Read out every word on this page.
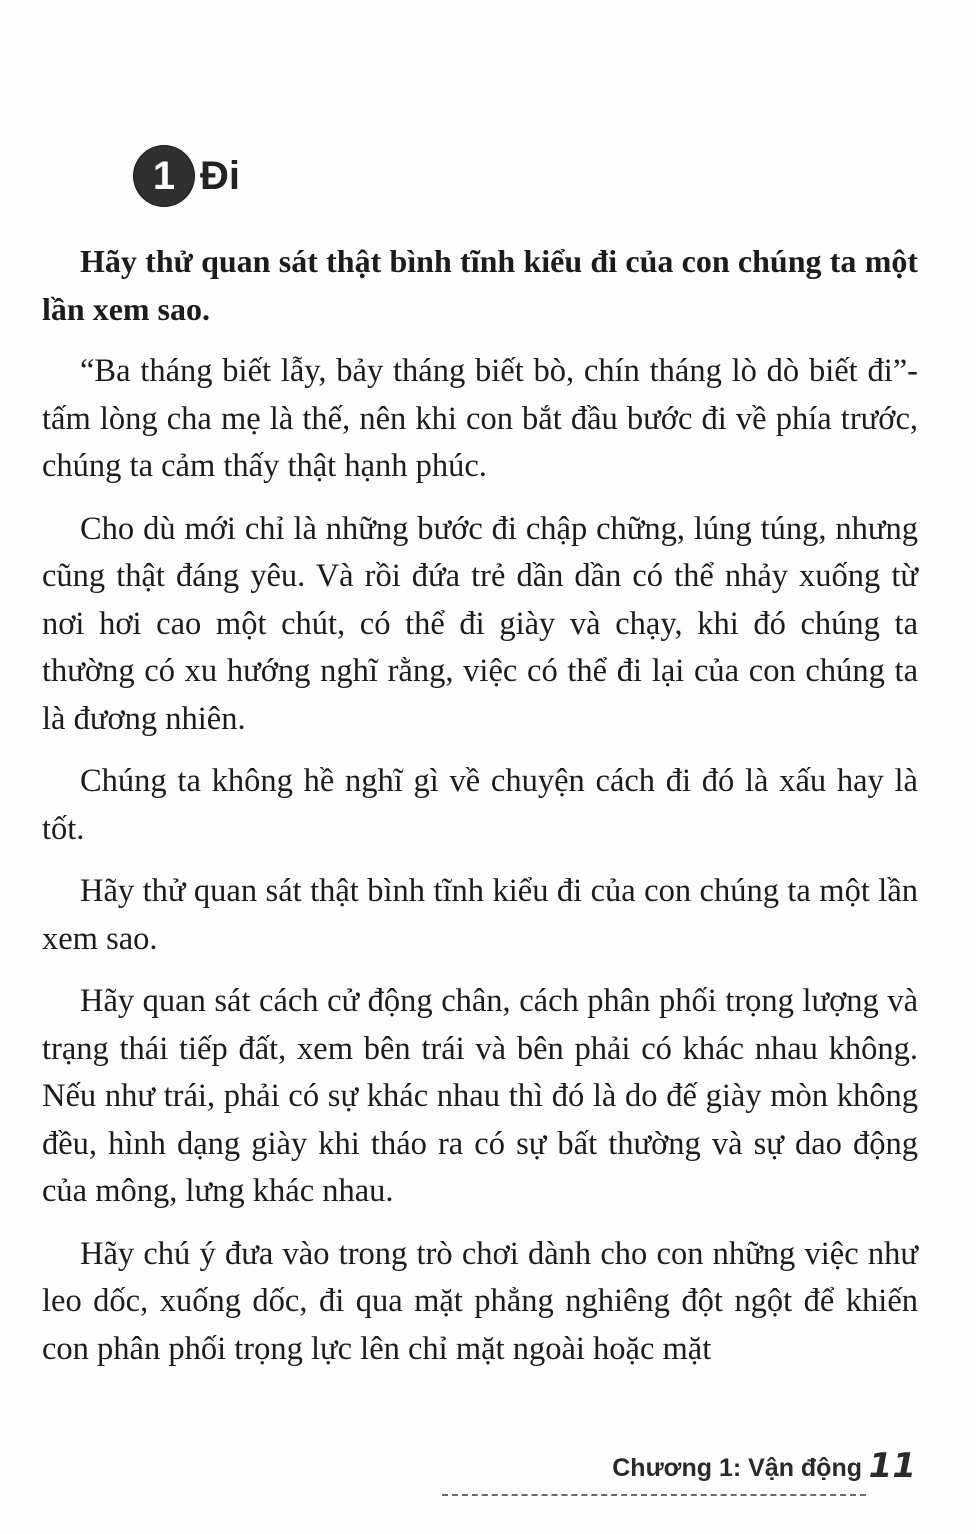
1 Đi

Hãy thử quan sát thật bình tĩnh kiểu đi của con chúng ta một lần xem sao.

“Ba tháng biết lẫy, bảy tháng biết bò, chín tháng lò dò biết đi”- tấm lòng cha mẹ là thế, nên khi con bắt đầu bước đi về phía trước, chúng ta cảm thấy thật hạnh phúc.

Cho dù mới chỉ là những bước đi chập chững, lúng túng, nhưng cũng thật đáng yêu. Và rồi đứa trẻ dần dần có thể nhảy xuống từ nơi hơi cao một chút, có thể đi giày và chạy, khi đó chúng ta thường có xu hướng nghĩ rằng, việc có thể đi lại của con chúng ta là đương nhiên.

Chúng ta không hề nghĩ gì về chuyện cách đi đó là xấu hay là tốt.

Hãy thử quan sát thật bình tĩnh kiểu đi của con chúng ta một lần xem sao.

Hãy quan sát cách cử động chân, cách phân phối trọng lượng và trạng thái tiếp đất, xem bên trái và bên phải có khác nhau không. Nếu như trái, phải có sự khác nhau thì đó là do đế giày mòn không đều, hình dạng giày khi tháo ra có sự bất thường và sự dao động của mông, lưng khác nhau.

Hãy chú ý đưa vào trong trò chơi dành cho con những việc như leo dốc, xuống dốc, đi qua mặt phẳng nghiêng đột ngột để khiến con phân phối trọng lực lên chỉ mặt ngoài hoặc mặt

Chương 1: Vận động 11
